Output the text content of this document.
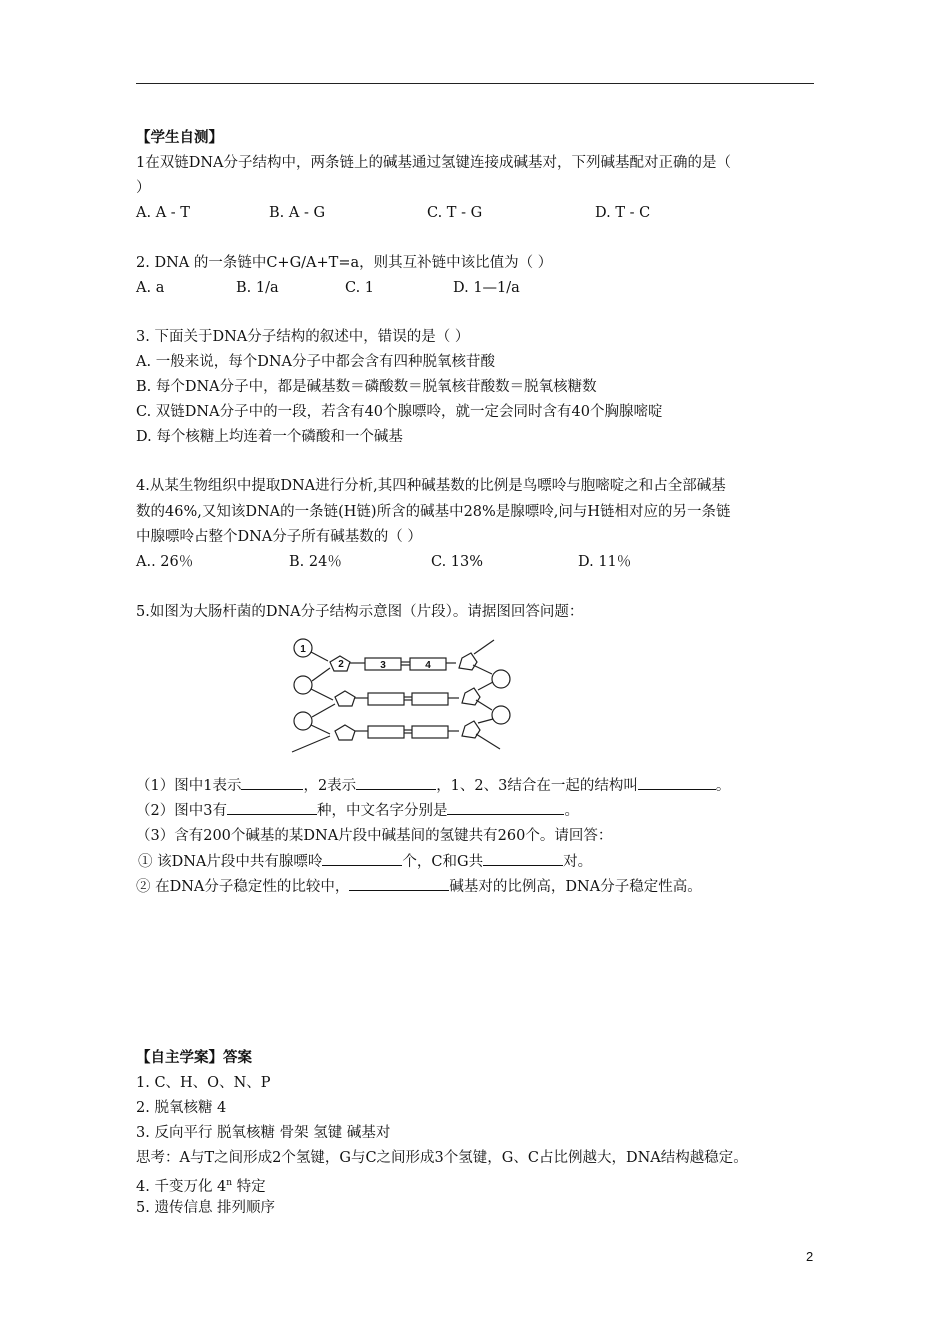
【学生自测】
1在双链DNA分子结构中，两条链上的碱基通过氢键连接成碱基对，下列碱基配对正确的是（
）
A. A - T	B. A - G	C. T - G	D. T - C
2. DNA 的一条链中C+G/A+T=a，则其互补链中该比值为（ ）
A. a	B. 1/a	C. 1	D. 1—1/a
3. 下面关于DNA分子结构的叙述中，错误的是（ ）
A. 一般来说，每个DNA分子中都会含有四种脱氧核苷酸
B. 每个DNA分子中，都是碱基数＝磷酸数＝脱氧核苷酸数＝脱氧核糖数
C. 双链DNA分子中的一段，若含有40个腺嘌呤，就一定会同时含有40个胸腺嘧啶
D. 每个核糖上均连着一个磷酸和一个碱基
4.从某生物组织中提取DNA进行分析,其四种碱基数的比例是鸟嘌呤与胞嘧啶之和占全部碱基
数的46%,又知该DNA的一条链(H链)所含的碱基中28%是腺嘌呤,问与H链相对应的另一条链
中腺嘌呤占整个DNA分子所有碱基数的（ ）
A.. 26％	B. 24％	C. 13%	D. 11％
5.如图为大肠杆菌的DNA分子结构示意图（片段）。请据图回答问题：
1
2	3	4
（1）图中1表示	，2表示	，1、2、3结合在一起的结构叫	。
（2）图中3有	种，中文名字分别是	。
（3）含有200个碱基的某DNA片段中碱基间的氢键共有260个。请回答：
① 该DNA片段中共有腺嘌呤	个，C和G共	对。
② 在DNA分子稳定性的比较中，	碱基对的比例高，DNA分子稳定性高。
【自主学案】答案
1. C、H、O、N、P
2. 脱氧核糖 4
3. 反向平行 脱氧核糖 骨架 氢键 碱基对
思考：A与T之间形成2个氢键，G与C之间形成3个氢键，G、C占比例越大，DNA结构越稳定。
4. 千变万化 4$^n$ 特定
5. 遗传信息 排列顺序
2
